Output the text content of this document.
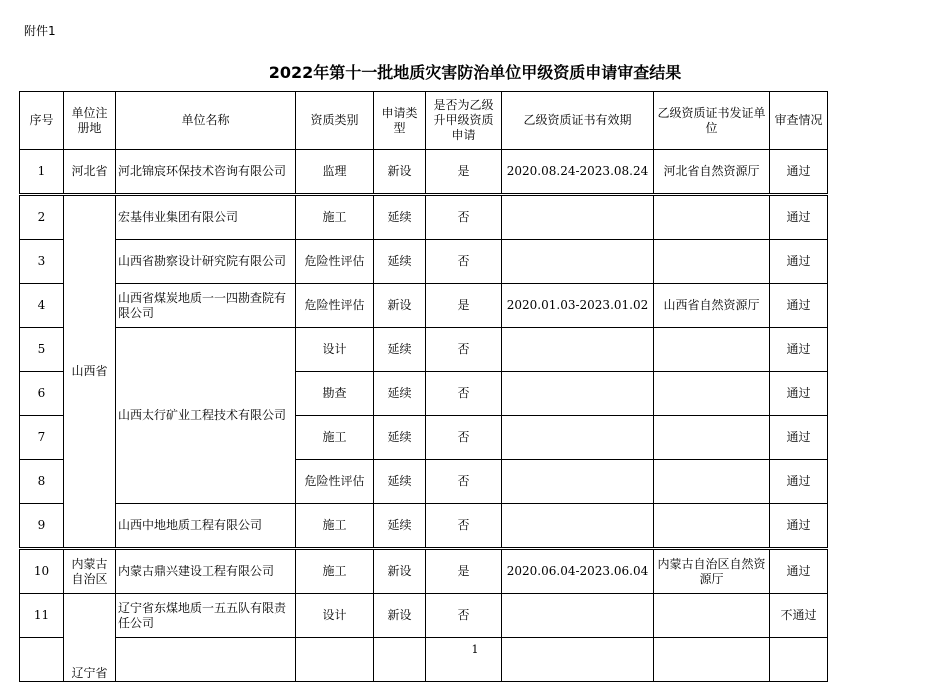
附件1
2022年第十一批地质灾害防治单位甲级资质申请审查结果
序号	单位注册地	单位名称	资质类别	申请类型	是否为乙级升甲级资质申请	乙级资质证书有效期	乙级资质证书发证单位	审查情况
1	河北省	河北锦宸环保技术咨询有限公司	监理	新设	是	2020.08.24-2023.08.24	河北省自然资源厅	通过

2	山西省	宏基伟业集团有限公司	施工	延续	否			通过
3		山西省勘察设计研究院有限公司	危险性评估	延续	否			通过
4		山西省煤炭地质一一四勘查院有限公司	危险性评估	新设	是	2020.01.03-2023.01.02	山西省自然资源厅	通过
5		山西太行矿业工程技术有限公司	设计	延续	否			通过
6			勘查	延续	否			通过
7			施工	延续	否			通过
8			危险性评估	延续	否			通过
9		山西中地地质工程有限公司	施工	延续	否			通过

10	内蒙古自治区	内蒙古鼎兴建设工程有限公司	施工	新设	是	2020.06.04-2023.06.04	内蒙古自治区自然资源厅	通过
11	辽宁省	辽宁省东煤地质一五五队有限责任公司	设计	新设	否			不通过

1
